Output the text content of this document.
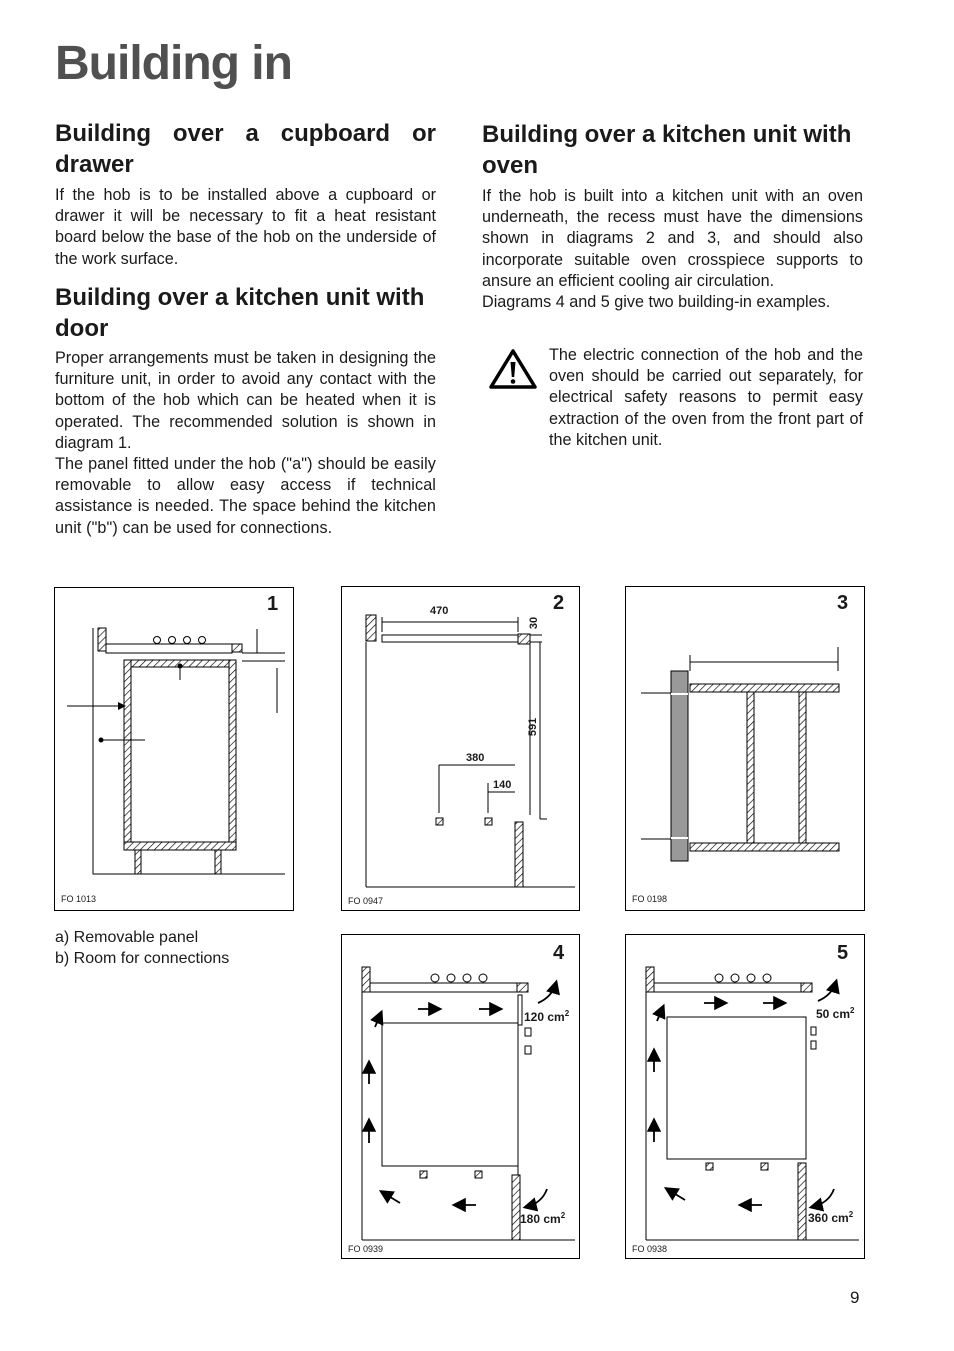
Building in
Building over a cupboard or drawer

If the hob is to be installed above a cupboard or drawer it will be necessary to fit a heat resistant board below the base of the hob on the underside of the work surface.

Building over a kitchen unit with door

Proper arrangements must be taken in designing the furniture unit, in order to avoid any contact with the bottom of the hob which can be heated when it is operated. The recommended solution is shown in diagram 1.

The panel fitted under the hob ("a") should be easily removable to allow easy access if technical assistance is needed. The space behind the kitchen unit ("b") can be used for connections.

Building over a kitchen unit with oven

If the hob is built into a kitchen unit with an oven underneath, the recess must have the dimensions shown in diagrams 2 and 3, and should also incorporate suitable oven crosspiece supports to ansure an efficient cooling air circulation.

Diagrams 4 and 5 give two building-in examples.

The electric connection of the hob and the oven should be carried out separately, for electrical safety reasons to permit easy extraction of the oven from the front part of the kitchen unit.

1
FO 1013
a) Removable panel
b) Room for connections
2
470
30
591
380
140
FO 0947
3
FO 0198
4
120 $cm^2$
180 $cm^2$
FO 0939
5
50 $cm^2$
360 $cm^2$
FO 0938
9
